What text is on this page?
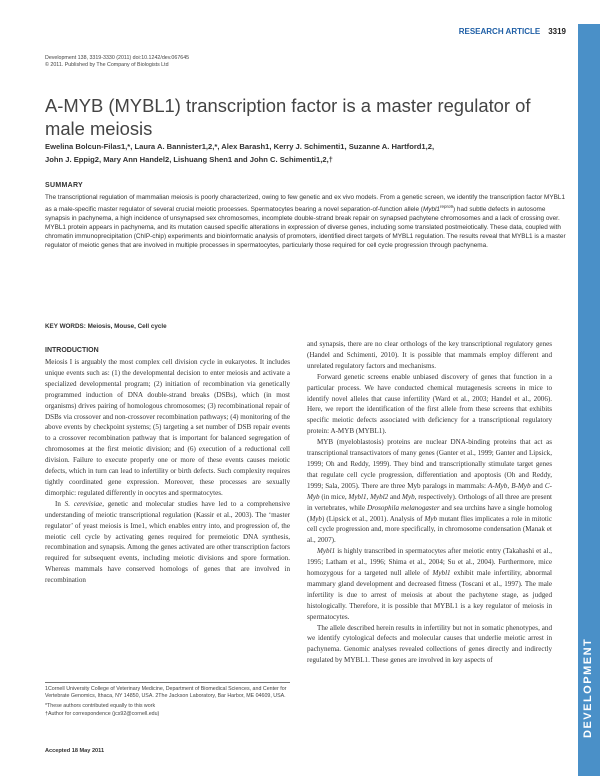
DEVELOPMENT
RESEARCH ARTICLE 3319
Development 138, 3319-3330 (2011) doi:10.1242/dev.067645
© 2011. Published by The Company of Biologists Ltd
A-MYB (MYBL1) transcription factor is a master regulator of male meiosis
Ewelina Bolcun-Filas1,*, Laura A. Bannister1,2,*, Alex Barash1, Kerry J. Schimenti1, Suzanne A. Hartford1,2,
John J. Eppig2, Mary Ann Handel2, Lishuang Shen1 and John C. Schimenti1,2,†
SUMMARY
The transcriptional regulation of mammalian meiosis is poorly characterized, owing to few genetic and ex vivo models. From a genetic screen, we identify the transcription factor MYBL1 as a male-specific master regulator of several crucial meiotic processes. Spermatocytes bearing a novel separation-of-function allele $(Mybl1^{repro9})$ had subtle defects in autosome synapsis in pachynema, a high incidence of unsynapsed sex chromosomes, incomplete double-strand break repair on synapsed pachytene chromosomes and a lack of crossing over. MYBL1 protein appears in pachynema, and its mutation caused specific alterations in expression of diverse genes, including some translated postmeiotically. These data, coupled with chromatin immunoprecipitation (ChIP-chip) experiments and bioinformatic analysis of promoters, identified direct targets of MYBL1 regulation. The results reveal that MYBL1 is a master regulator of meiotic genes that are involved in multiple processes in spermatocytes, particularly those required for cell cycle progression through pachynema.
KEY WORDS: Meiosis, Mouse, Cell cycle
INTRODUCTION

Meiosis I is arguably the most complex cell division cycle in eukaryotes. It includes unique events such as: (1) the developmental decision to enter meiosis and activate a specialized developmental program; (2) initiation of recombination via genetically programmed induction of DNA double-strand breaks (DSBs), which (in most organisms) drives pairing of homologous chromosomes; (3) recombinational repair of DSBs via crossover and non-crossover recombination pathways; (4) monitoring of the above events by checkpoint systems; (5) targeting a set number of DSB repair events to a crossover recombination pathway that is important for balanced segregation of chromosomes at the first meiotic division; and (6) execution of a reductional cell division. Failure to execute properly one or more of these events causes meiotic defects, which in turn can lead to infertility or birth defects. Such complexity requires tightly coordinated gene expression. Moreover, these processes are sexually dimorphic: regulated differently in oocytes and spermatocytes.

In S. cerevisiae, genetic and molecular studies have led to a comprehensive understanding of meiotic transcriptional regulation (Kassir et al., 2003). The ‘master regulator’ of yeast meiosis is Ime1, which enables entry into, and progression of, the meiotic cell cycle by activating genes required for premeiotic DNA synthesis, recombination and synapsis. Among the genes activated are other transcription factors required for subsequent events, including meiotic divisions and spore formation. Whereas mammals have conserved homologs of genes that are involved in recombination

and synapsis, there are no clear orthologs of the key transcriptional regulatory genes (Handel and Schimenti, 2010). It is possible that mammals employ different and unrelated regulatory factors and mechanisms.

Forward genetic screens enable unbiased discovery of genes that function in a particular process. We have conducted chemical mutagenesis screens in mice to identify novel alleles that cause infertility (Ward et al., 2003; Handel et al., 2006). Here, we report the identification of the first allele from these screens that exhibits specific meiotic defects associated with deficiency for a transcriptional regulatory protein: A-MYB (MYBL1).

MYB (myeloblastosis) proteins are nuclear DNA-binding proteins that act as transcriptional transactivators of many genes (Ganter et al., 1999; Ganter and Lipsick, 1999; Oh and Reddy, 1999). They bind and transcriptionally stimulate target genes that regulate cell cycle progression, differentiation and apoptosis (Oh and Reddy, 1999; Sala, 2005). There are three Myb paralogs in mammals: A-Myb, B-Myb and C-Myb (in mice, Mybl1, Mybl2 and Myb, respectively). Orthologs of all three are present in vertebrates, while Drosophila melanogaster and sea urchins have a single homolog (Myb) (Lipsick et al., 2001). Analysis of Myb mutant flies implicates a role in mitotic cell cycle progression and, more specifically, in chromosome condensation (Manak et al., 2007).

Mybl1 is highly transcribed in spermatocytes after meiotic entry (Takahashi et al., 1995; Latham et al., 1996; Shima et al., 2004; Su et al., 2004). Furthermore, mice homozygous for a targeted null allele of Mybl1 exhibit male infertility, abnormal mammary gland development and decreased fitness (Toscani et al., 1997). The male infertility is due to arrest of meiosis at about the pachytene stage, as judged histologically. Therefore, it is possible that MYBL1 is a key regulator of meiosis in spermatocytes.

The allele described herein results in infertility but not in somatic phenotypes, and we identify cytological defects and molecular causes that underlie meiotic arrest in pachynema. Genomic analyses revealed collections of genes directly and indirectly regulated by MYBL1. These genes are involved in key aspects of

1Cornell University College of Veterinary Medicine, Department of Biomedical Sciences, and Center for Vertebrate Genomics, Ithaca, NY 14850, USA. 2The Jackson Laboratory, Bar Harbor, ME 04609, USA.

*These authors contributed equally to this work

†Author for correspondence (jcs92@cornell.edu)

Accepted 18 May 2011
